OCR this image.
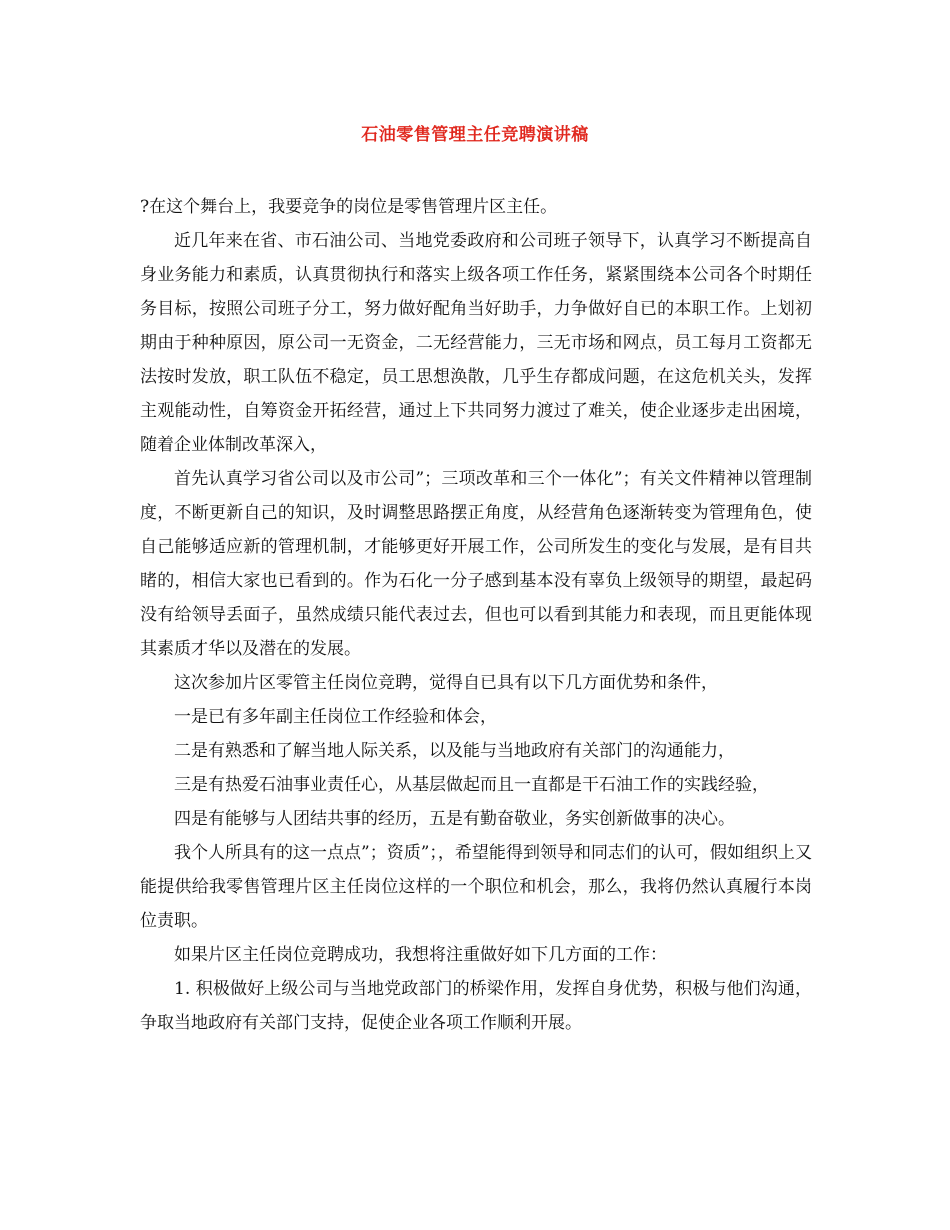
石油零售管理主任竞聘演讲稿

?在这个舞台上，我要竞争的岗位是零售管理片区主任。

近几年来在省、市石油公司、当地党委政府和公司班子领导下，认真学习不断提高自身业务能力和素质，认真贯彻执行和落实上级各项工作任务，紧紧围绕本公司各个时期任务目标，按照公司班子分工，努力做好配角当好助手，力争做好自已的本职工作。上划初期由于种种原因，原公司一无资金，二无经营能力，三无市场和网点，员工每月工资都无法按时发放，职工队伍不稳定，员工思想涣散，几乎生存都成问题，在这危机关头，发挥主观能动性，自筹资金开拓经营，通过上下共同努力渡过了难关，使企业逐步走出困境，随着企业体制改革深入，

首先认真学习省公司以及市公司”；三项改革和三个一体化”；有关文件精神以管理制度，不断更新自己的知识，及时调整思路摆正角度，从经营角色逐渐转变为管理角色，使自己能够适应新的管理机制，才能够更好开展工作，公司所发生的变化与发展，是有目共睹的，相信大家也已看到的。作为石化一分子感到基本没有辜负上级领导的期望，最起码没有给领导丢面子，虽然成绩只能代表过去，但也可以看到其能力和表现，而且更能体现其素质才华以及潜在的发展。

这次参加片区零管主任岗位竞聘，觉得自已具有以下几方面优势和条件，

一是已有多年副主任岗位工作经验和体会，

二是有熟悉和了解当地人际关系，以及能与当地政府有关部门的沟通能力，

三是有热爱石油事业责任心，从基层做起而且一直都是干石油工作的实践经验，

四是有能够与人团结共事的经历，五是有勤奋敬业，务实创新做事的决心。

我个人所具有的这一点点”；资质”；，希望能得到领导和同志们的认可，假如组织上又能提供给我零售管理片区主任岗位这样的一个职位和机会，那么，我将仍然认真履行本岗位责职。

如果片区主任岗位竞聘成功，我想将注重做好如下几方面的工作：

1. 积极做好上级公司与当地党政部门的桥梁作用，发挥自身优势，积极与他们沟通，争取当地政府有关部门支持，促使企业各项工作顺利开展。
